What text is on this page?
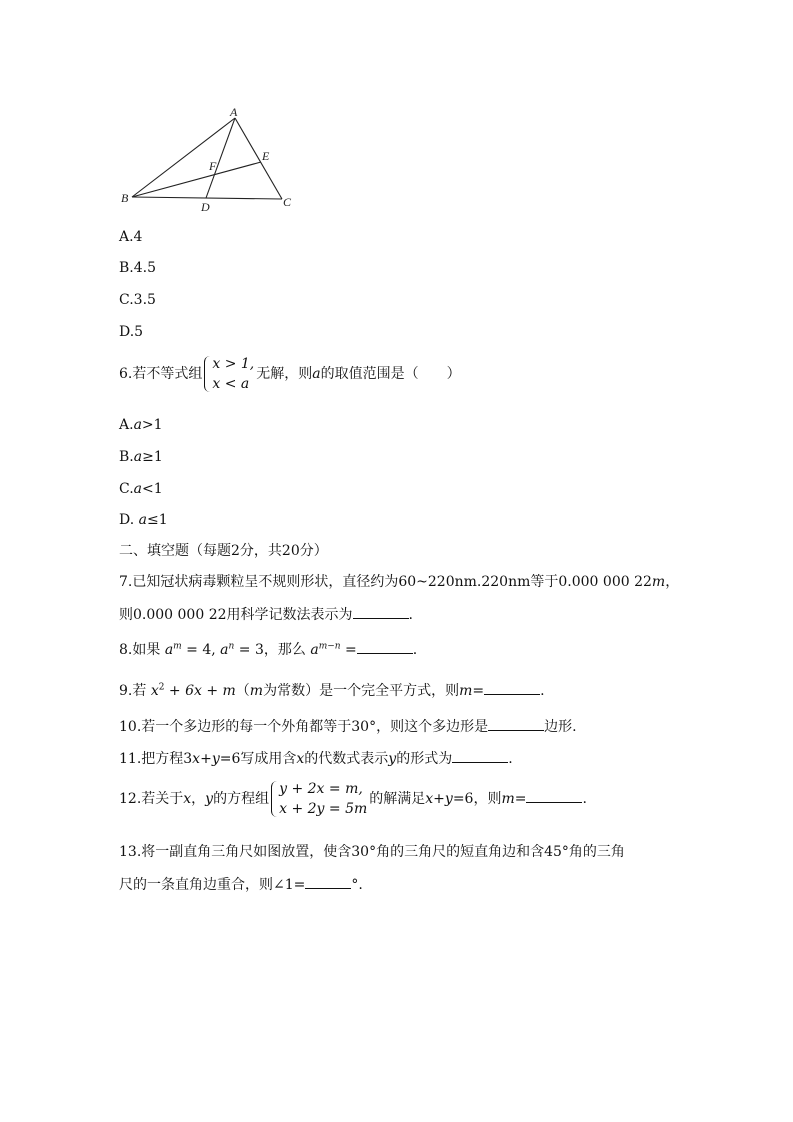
A
B	C
D
E
F
A.4
B.4.5
C.3.5
D.5
6.若不等式组
x > 1,
x < a
无解，则a的取值范围是（　　）
A.a>1
B.a≥1
C.a<1
D. a≤1
二、填空题（每题2分，共20分）
7.已知冠状病毒颗粒呈不规则形状，直径约为60~220nm.220nm等于0.000 000 22m，
则0.000 000 22用科学记数法表示为	.
8.如果 $a^m = 4$, $a^n = 3$，那么 $a^{m-n}$ =	.
9.若 $x^2 + 6x + m(m$为常数）是一个完全平方式，则m=	.
10.若一个多边形的每一个外角都等于30°，则这个多边形是	边形.
11.把方程3x+y=6写成用含x的代数式表示y的形式为	.
12.若关于x，y的方程组
y + 2x = m,
x + 2y = 5m
的解满足x+y=6，则m=	.
13.将一副直角三角尺如图放置，使含30°角的三角尺的短直角边和含45°角的三角
尺的一条直角边重合，则∠1=	°.
